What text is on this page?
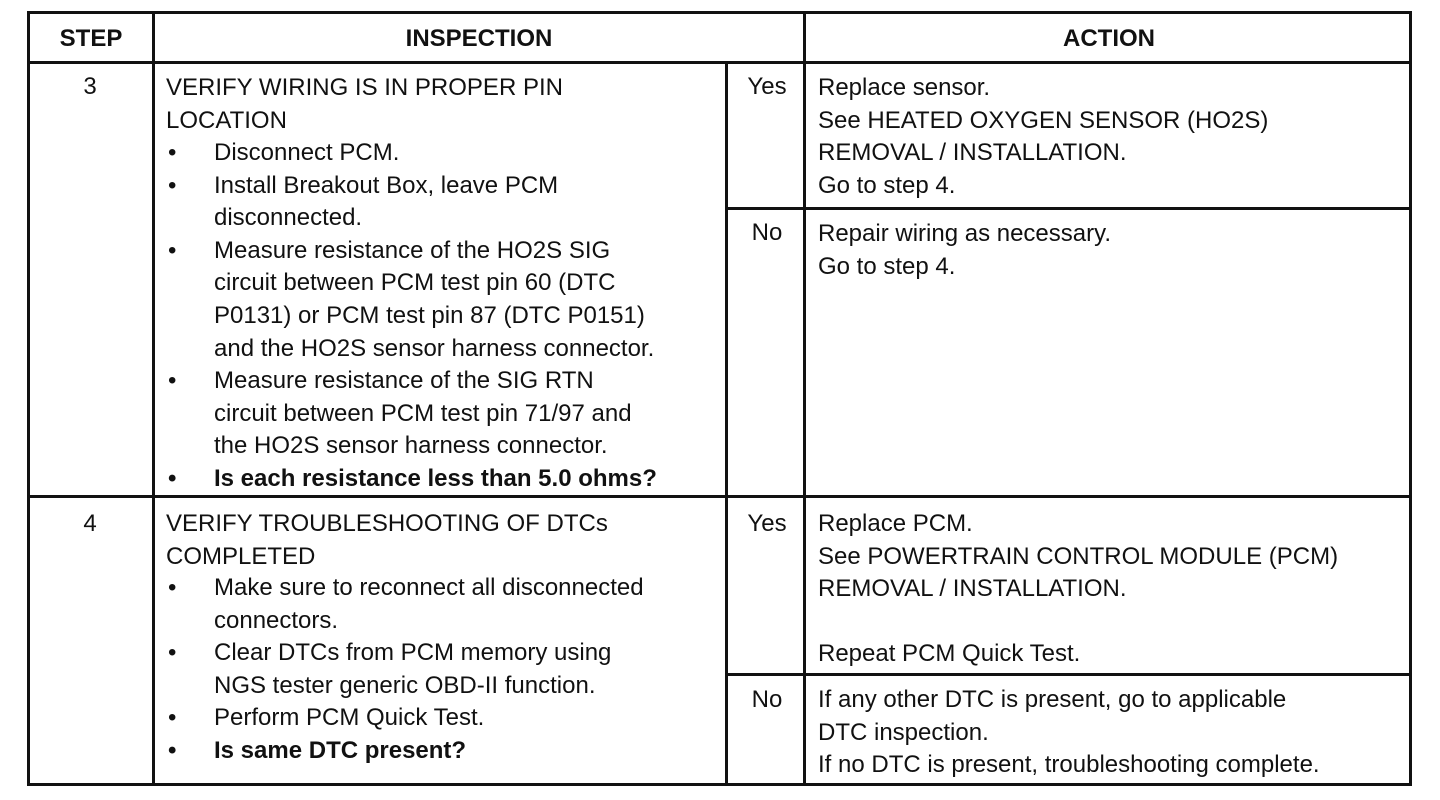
STEP	INSPECTION	ACTION
3	VERIFY WIRING IS IN PROPER PIN
LOCATION
• Disconnect PCM.
• Install Breakout Box, leave PCM
disconnected.
• Measure resistance of the HO2S SIG
circuit between PCM test pin 60 (DTC
P0131) or PCM test pin 87 (DTC P0151)
and the HO2S sensor harness connector.
• Measure resistance of the SIG RTN
circuit between PCM test pin 71/97 and
the HO2S sensor harness connector.
• Is each resistance less than 5.0 ohms?
Yes	Replace sensor.
See HEATED OXYGEN SENSOR (HO2S)
REMOVAL / INSTALLATION.
Go to step 4.
No	Repair wiring as necessary.
Go to step 4.
4	VERIFY TROUBLESHOOTING OF DTCs
COMPLETED
• Make sure to reconnect all disconnected
connectors.
• Clear DTCs from PCM memory using
NGS tester generic OBD-II function.
• Perform PCM Quick Test.
• Is same DTC present?
Yes	Replace PCM.
See POWERTRAIN CONTROL MODULE (PCM)
REMOVAL / INSTALLATION.

Repeat PCM Quick Test.
No	If any other DTC is present, go to applicable
DTC inspection.
If no DTC is present, troubleshooting complete.
